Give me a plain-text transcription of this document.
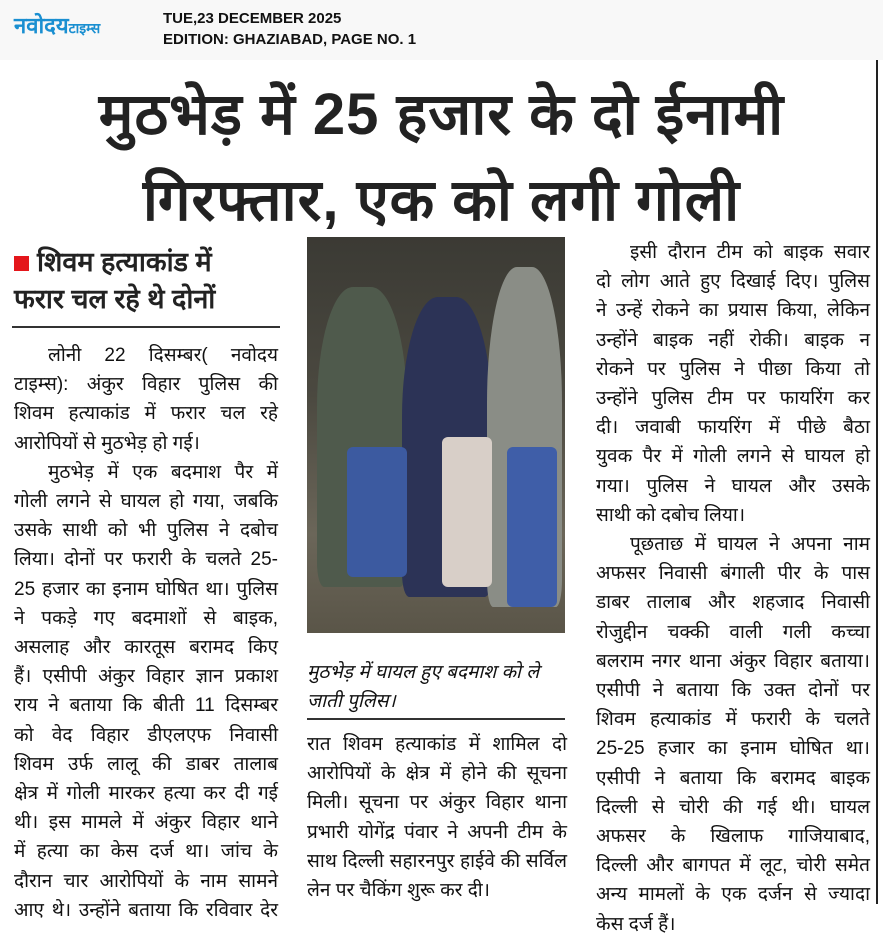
नवोदयटाइम्स
TUE,23 DECEMBER 2025
EDITION: GHAZIABAD, PAGE NO. 1
मुठभेड़ में 25 हजार के दो ईनामी
गिरफ्तार, एक को लगी गोली
शिवम हत्याकांड में
फरार चल रहे थे दोनों
लोनी 22 दिसम्बर( नवोदय
टाइम्स): अंकुर विहार पुलिस की
शिवम हत्याकांड में फरार चल रहे
आरोपियों से मुठभेड़ हो गई।
मुठभेड़ में एक बदमाश पैर में
गोली लगने से घायल हो गया, जबकि
उसके साथी को भी पुलिस ने दबोच
लिया। दोनों पर फरारी के चलते 25-
25 हजार का इनाम घोषित था। पुलिस
ने पकड़े गए बदमाशों से बाइक,
असलाह और कारतूस बरामद किए
हैं। एसीपी अंकुर विहार ज्ञान प्रकाश
राय ने बताया कि बीती 11 दिसम्बर
को वेद विहार डीएलएफ निवासी
शिवम उर्फ लालू की डाबर तालाब
क्षेत्र में गोली मारकर हत्या कर दी गई
थी। इस मामले में अंकुर विहार थाने
में हत्या का केस दर्ज था। जांच के
दौरान चार आरोपियों के नाम सामने
आए थे। उन्होंने बताया कि रविवार देर
मुठभेड़ में घायल हुए बदमाश को ले
जाती पुलिस।
रात शिवम हत्याकांड में शामिल दो
आरोपियों के क्षेत्र में होने की सूचना
मिली। सूचना पर अंकुर विहार थाना
प्रभारी योगेंद्र पंवार ने अपनी टीम के
साथ दिल्ली सहारनपुर हाईवे की सर्विल
लेन पर चैकिंग शुरू कर दी।
इसी दौरान टीम को बाइक सवार
दो लोग आते हुए दिखाई दिए। पुलिस
ने उन्हें रोकने का प्रयास किया, लेकिन
उन्होंने बाइक नहीं रोकी। बाइक न
रोकने पर पुलिस ने पीछा किया तो
उन्होंने पुलिस टीम पर फायरिंग कर
दी। जवाबी फायरिंग में पीछे बैठा
युवक पैर में गोली लगने से घायल हो
गया। पुलिस ने घायल और उसके
साथी को दबोच लिया।
पूछताछ में घायल ने अपना नाम
अफसर निवासी बंगाली पीर के पास
डाबर तालाब और शहजाद निवासी
रोजुद्दीन चक्की वाली गली कच्चा
बलराम नगर थाना अंकुर विहार बताया।
एसीपी ने बताया कि उक्त दोनों पर
शिवम हत्याकांड में फरारी के चलते
25-25 हजार का इनाम घोषित था।
एसीपी ने बताया कि बरामद बाइक
दिल्ली से चोरी की गई थी। घायल
अफसर के खिलाफ गाजियाबाद,
दिल्ली और बागपत में लूट, चोरी समेत
अन्य मामलों के एक दर्जन से ज्यादा
केस दर्ज हैं।
